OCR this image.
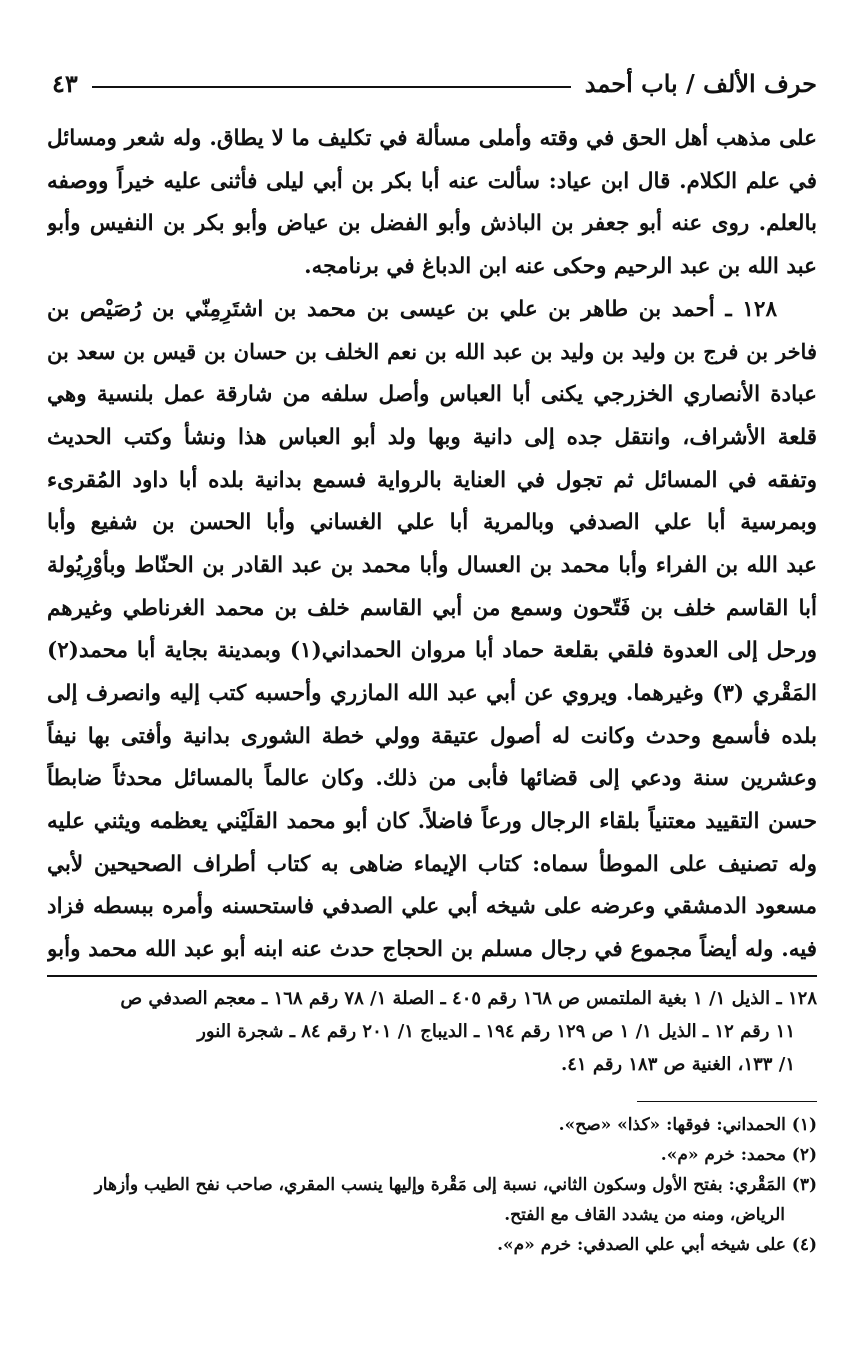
حرف الألف / باب أحمد
٤٣
على مذهب أهل الحق في وقته وأملى مسألة في تكليف ما لا يطاق. وله شعر ومسائل
في علم الكلام. قال ابن عياد: سألت عنه أبا بكر بن أبي ليلى فأثنى عليه خيراً ووصفه
بالعلم. روى عنه أبو جعفر بن الباذش وأبو الفضل بن عياض وأبو بكر بن النفيس وأبو
عبد الله بن عبد الرحيم وحكى عنه ابن الدباغ في برنامجه.
١٢٨ ـ أحمد بن طاهر بن علي بن عيسى بن محمد بن اشتَرِمِنّي بن رُصَيْص بن
فاخر بن فرج بن وليد بن وليد بن عبد الله بن نعم الخلف بن حسان بن قيس بن سعد بن
عبادة الأنصاري الخزرجي يكنى أبا العباس وأصل سلفه من شارقة عمل بلنسية وهي
قلعة الأشراف، وانتقل جده إلى دانية وبها ولد أبو العباس هذا ونشأ وكتب الحديث
وتفقه في المسائل ثم تجول في العناية بالرواية فسمع بدانية بلده أبا داود المُقرىء
وبمرسية أبا علي الصدفي وبالمرية أبا علي الغساني وأبا الحسن بن شفيع وأبا
عبد الله بن الفراء وأبا محمد بن العسال وأبا محمد بن عبد القادر بن الحنّاط وبأوْرِيُولة
أبا القاسم خلف بن فَتّحون وسمع من أبي القاسم خلف بن محمد الغرناطي وغيرهم
ورحل إلى العدوة فلقي بقلعة حماد أبا مروان الحمداني(١) وبمدينة بجاية أبا محمد(٢)
المَقْري (٣) وغيرهما. ويروي عن أبي عبد الله المازري وأحسبه كتب إليه وانصرف إلى
بلده فأسمع وحدث وكانت له أصول عتيقة وولي خطة الشورى بدانية وأفتى بها نيفاً
وعشرين سنة ودعي إلى قضائها فأبى من ذلك. وكان عالماً بالمسائل محدثاً ضابطاً
حسن التقييد معتنياً بلقاء الرجال ورعاً فاضلاً. كان أبو محمد القلَيْني يعظمه ويثني عليه
وله تصنيف على الموطأ سماه: كتاب الإيماء ضاهى به كتاب أطراف الصحيحين لأبي
مسعود الدمشقي وعرضه على شيخه أبي علي الصدفي فاستحسنه وأمره ببسطه فزاد
فيه. وله أيضاً مجموع في رجال مسلم بن الحجاج حدث عنه ابنه أبو عبد الله محمد وأبو
١٢٨ ـ الذيل ١/ ١ بغية الملتمس ص ١٦٨ رقم ٤٠٥ ـ الصلة ١/ ٧٨ رقم ١٦٨ ـ معجم الصدفي ص
١١ رقم ١٢ ـ الذيل ١/ ١ ص ١٢٩ رقم ١٩٤ ـ الديباج ١/ ٢٠١ رقم ٨٤ ـ شجرة النور
١/ ١٣٣، الغنية ص ١٨٣ رقم ٤١.
(١) الحمداني: فوقها: «كذا» «صح».
(٢) محمد: خرم «م».
(٣) المَقْري: بفتح الأول وسكون الثاني، نسبة إلى مَقْرة وإليها ينسب المقري، صاحب نفح الطيب وأزهار
الرياض، ومنه من يشدد القاف مع الفتح.
(٤) على شيخه أبي علي الصدفي: خرم «م».
